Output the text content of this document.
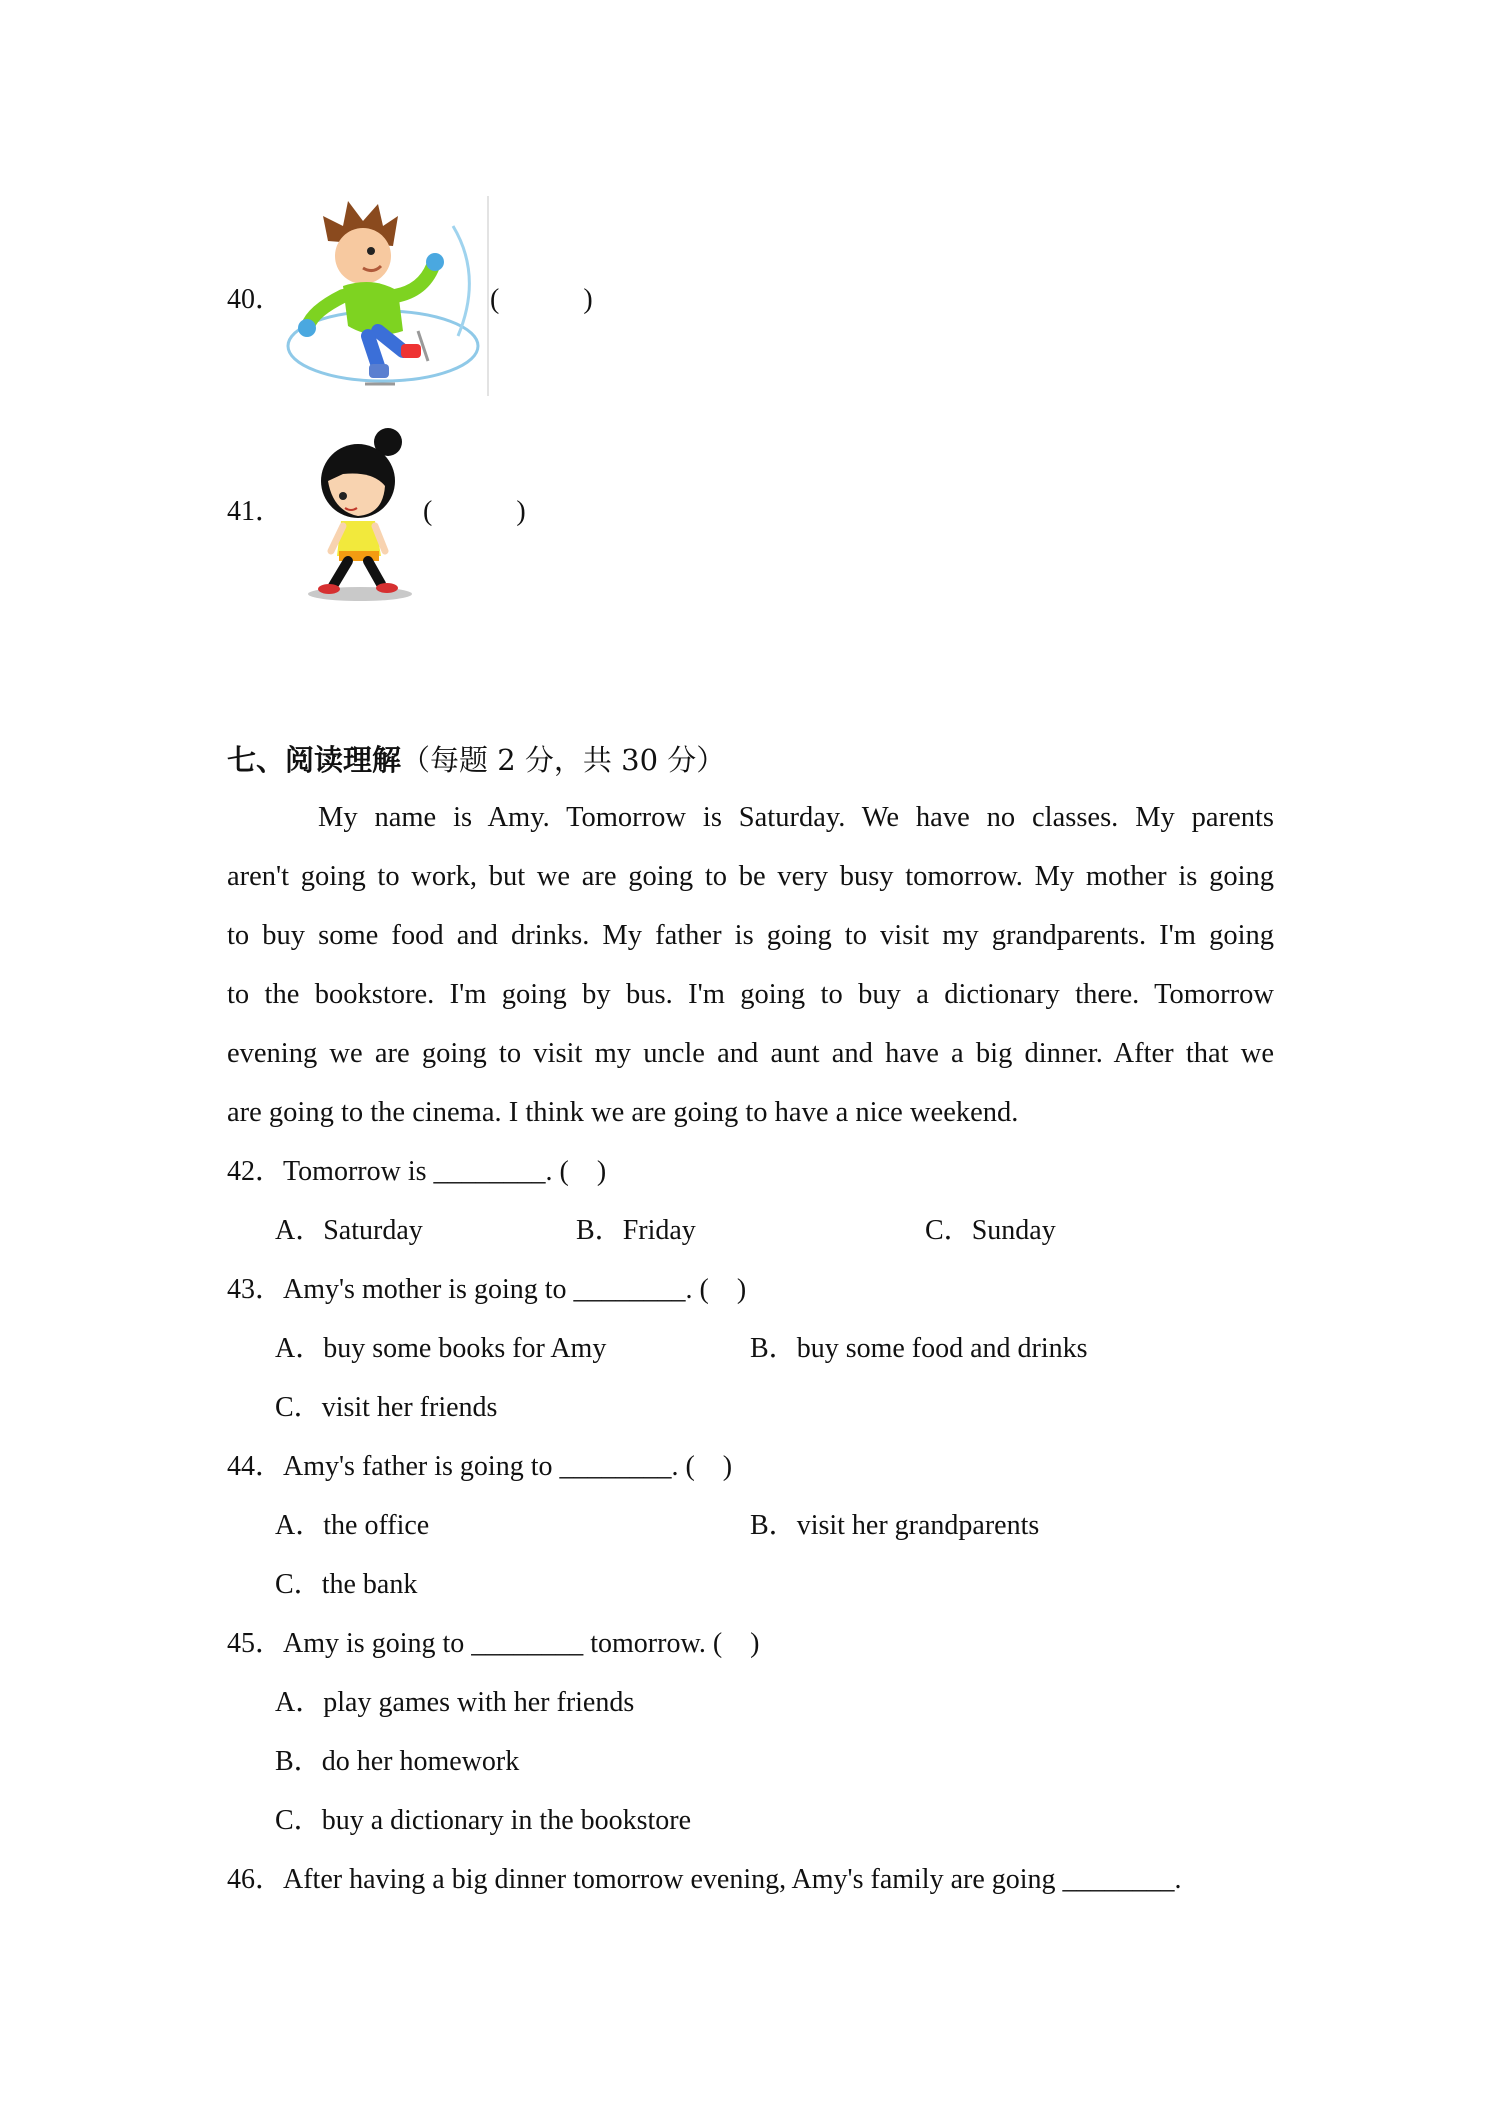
40．	(　　　)
41．	(　　　)
七、阅读理解（每题 2 分，共 30 分）
My name is Amy. Tomorrow is Saturday. We have no classes. My parents
aren't going to work, but we are going to be very busy tomorrow. My mother is going
to buy some food and drinks. My father is going to visit my grandparents. I'm going
to the bookstore. I'm going by bus. I'm going to buy a dictionary there. Tomorrow
evening we are going to visit my uncle and aunt and have a big dinner. After that we
are going to the cinema. I think we are going to have a nice weekend.
42．Tomorrow is ________. (　)
A．Saturday	B．Friday	C．Sunday
43．Amy's mother is going to ________. (　)
A．buy some books for Amy	B．buy some food and drinks
C．visit her friends
44．Amy's father is going to ________. (　)
A．the office	B．visit her grandparents
C．the bank
45．Amy is going to ________ tomorrow. (　)
A．play games with her friends
B．do her homework
C．buy a dictionary in the bookstore
46．After having a big dinner tomorrow evening, Amy's family are going ________.
